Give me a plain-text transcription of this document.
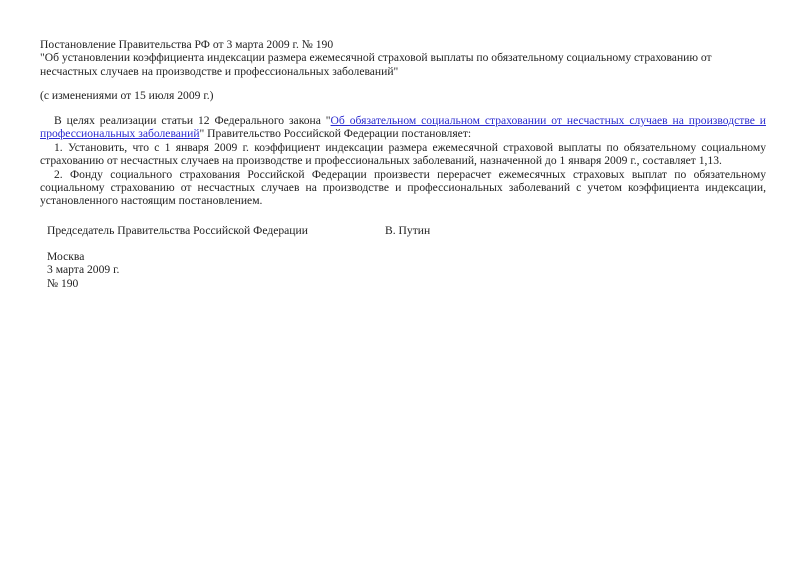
Постановление Правительства РФ от 3 марта 2009 г. № 190

"Об установлении коэффициента индексации размера ежемесячной страховой выплаты по обязательному социальному страхованию от несчастных случаев на производстве и профессиональных заболеваний"

(с изменениями от 15 июля 2009 г.)

В целях реализации статьи 12 Федерального закона "Об обязательном социальном страховании от несчастных случаев на производстве и профессиональных заболеваний" Правительство Российской Федерации постановляет:

1. Установить, что с 1 января 2009 г. коэффициент индексации размера ежемесячной страховой выплаты по обязательному социальному страхованию от несчастных случаев на производстве и профессиональных заболеваний, назначенной до 1 января 2009 г., составляет 1,13.

2. Фонду социального страхования Российской Федерации произвести перерасчет ежемесячных страховых выплат по обязательному социальному страхованию от несчастных случаев на производстве и профессиональных заболеваний с учетом коэффициента индексации, установленного настоящим постановлением.

Председатель Правительства Российской Федерации	В. Путин

Москва

3 марта 2009 г.

№ 190
